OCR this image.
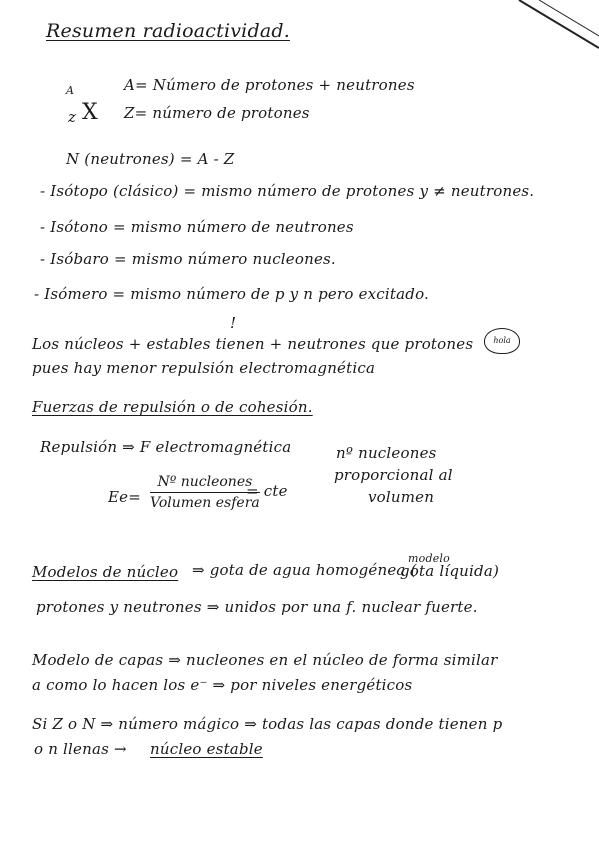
Resumen radioactividad.
A
z X
A= Número de protones + neutrones
Z= número de protones
N (neutrones) = A - Z
- Isótopo (clásico) = mismo número de protones y ≠ neutrones.
- Isótono = mismo número de neutrones
- Isóbaro = mismo número nucleones.
- Isómero = mismo número de p y n pero excitado.
!
Los núcleos + estables tienen + neutrones que protones
pues hay menor repulsión electromagnética
hola
Fuerzas de repulsión o de cohesión.
Repulsión ⇒ F electromagnética	nº nucleones
proporcional al
volumen
Ee=
Nº nucleones
Volumen esfera
= cte
Modelos de núcleo ⇒ gota de agua homogénea (
modelo
gota líquida)
protones y neutrones ⇒ unidos por una f. nuclear fuerte.
Modelo de capas ⇒ nucleones en el núcleo de forma similar
a como lo hacen los e⁻ ⇒ por niveles energéticos
Si Z o N ⇒ número mágico ⇒ todas las capas donde tienen p
o n llenas → núcleo estable
